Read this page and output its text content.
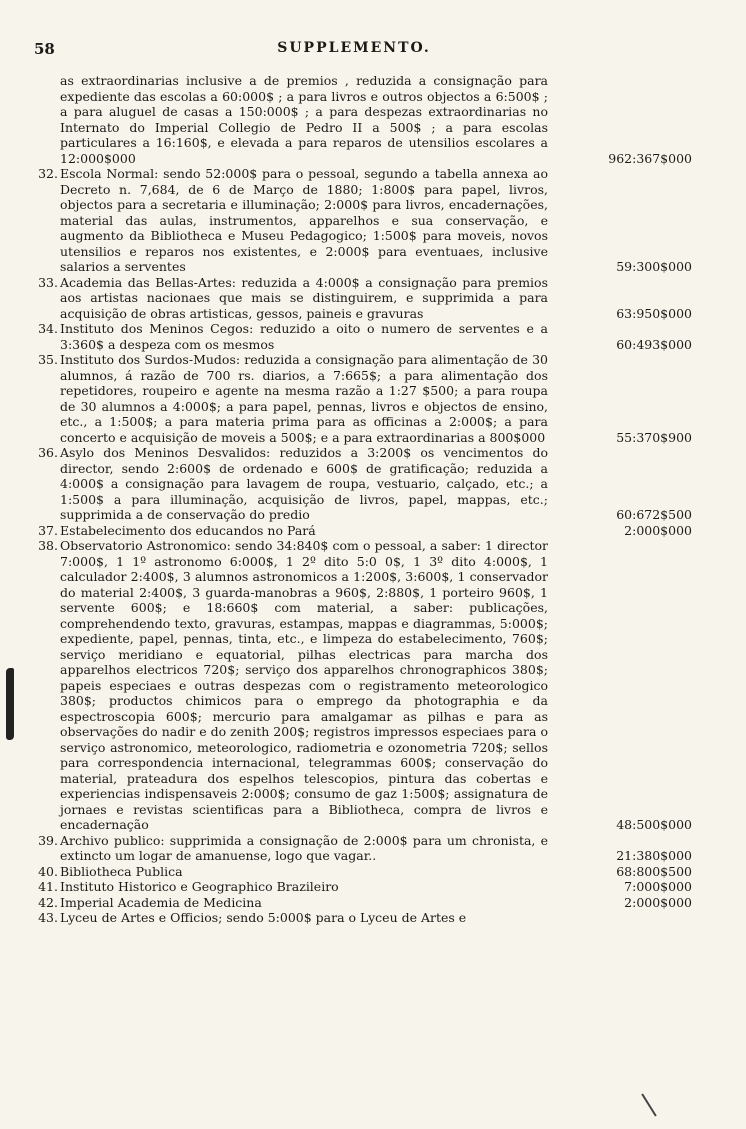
58	SUPPLEMENTO.
as extraordinarias inclusive a de premios , reduzida a consignação para expediente das escolas a 60:000$ ; a para livros e outros objectos a 6:500$ ; a para aluguel de casas a 150:000$ ; a para despezas extraordinarias no Internato do Imperial Collegio de Pedro II a 500$ ; a para escolas particulares a 16:160$, e elevada a para reparos de utensilios escolares a 12:000$000	962:367$000
32. Escola Normal: sendo 52:000$ para o pessoal, segundo a tabella annexa ao Decreto n. 7,684, de 6 de Março de 1880; 1:800$ para papel, livros, objectos para a secretaria e illuminação; 2:000$ para livros, encadernações, material das aulas, instrumentos, apparelhos e sua conservação, e augmento da Bibliotheca e Museu Pedagogico; 1:500$ para moveis, novos utensilios e reparos nos existentes, e 2:000$ para eventuaes, inclusive salarios a serventes	59:300$000
33. Academia das Bellas-Artes: reduzida a 4:000$ a consignação para premios aos artistas nacionaes que mais se distinguirem, e supprimida a para acquisição de obras artisticas, gessos, paineis e gravuras	63:950$000
34. Instituto dos Meninos Cegos: reduzido a oito o numero de serventes e a 3:360$ a despeza com os mesmos	60:493$000
35. Instituto dos Surdos-Mudos: reduzida a consignação para alimentação de 30 alumnos, á razão de 700 rs. diarios, a 7:665$; a para alimentação dos repetidores, roupeiro e agente na mesma razão a 1:27 $500; a para roupa de 30 alumnos a 4:000$; a para papel, pennas, livros e objectos de ensino, etc., a 1:500$; a para materia prima para as officinas a 2:000$; a para concerto e acquisição de moveis a 500$; e a para extraordinarias a 800$000	55:370$900
36. Asylo dos Meninos Desvalidos: reduzidos a 3:200$ os vencimentos do director, sendo 2:600$ de ordenado e 600$ de gratificação; reduzida a 4:000$ a consignação para lavagem de roupa, vestuario, calçado, etc.; a 1:500$ a para illuminação, acquisição de livros, papel, mappas, etc.; supprimida a de conservação do predio	60:672$500
37. Estabelecimento dos educandos no Pará	2:000$000
38. Observatorio Astronomico: sendo 34:840$ com o pessoal, a saber: 1 director 7:000$, 1 1º astronomo 6:000$, 1 2º dito 5:0 0$, 1 3º dito 4:000$, 1 calculador 2:400$, 3 alumnos astronomicos a 1:200$, 3:600$, 1 conservador do material 2:400$, 3 guarda-manobras a 960$, 2:880$, 1 porteiro 960$, 1 servente 600$; e 18:660$ com material, a saber: publicações, comprehendendo texto, gravuras, estampas, mappas e diagrammas, 5:000$; expediente, papel, pennas, tinta, etc., e limpeza do estabelecimento, 760$; serviço meridiano e equatorial, pilhas electricas para marcha dos apparelhos electricos 720$; serviço dos apparelhos chronographicos 380$; papeis especiaes e outras despezas com o registramento meteorologico 380$; productos chimicos para o emprego da photographia e da espectroscopia 600$; mercurio para amalgamar as pilhas e para as observações do nadir e do zenith 200$; registros impressos especiaes para o serviço astronomico, meteorologico, radiometria e ozonometria 720$; sellos para correspondencia internacional, telegrammas 600$; conservação do material, prateadura dos espelhos telescopios, pintura das cobertas e experiencias indispensaveis 2:000$; consumo de gaz 1:500$; assignatura de jornaes e revistas scientificas para a Bibliotheca, compra de livros e encadernação	48:500$000
39. Archivo publico: supprimida a consignação de 2:000$ para um chronista, e extincto um logar de amanuense, logo que vagar..	21:380$000
40. Bibliotheca Publica	68:800$500
41. Instituto Historico e Geographico Brazileiro	7:000$000
42. Imperial Academia de Medicina	2:000$000
43. Lyceu de Artes e Officios; sendo 5:000$ para o Lyceu de Artes e
